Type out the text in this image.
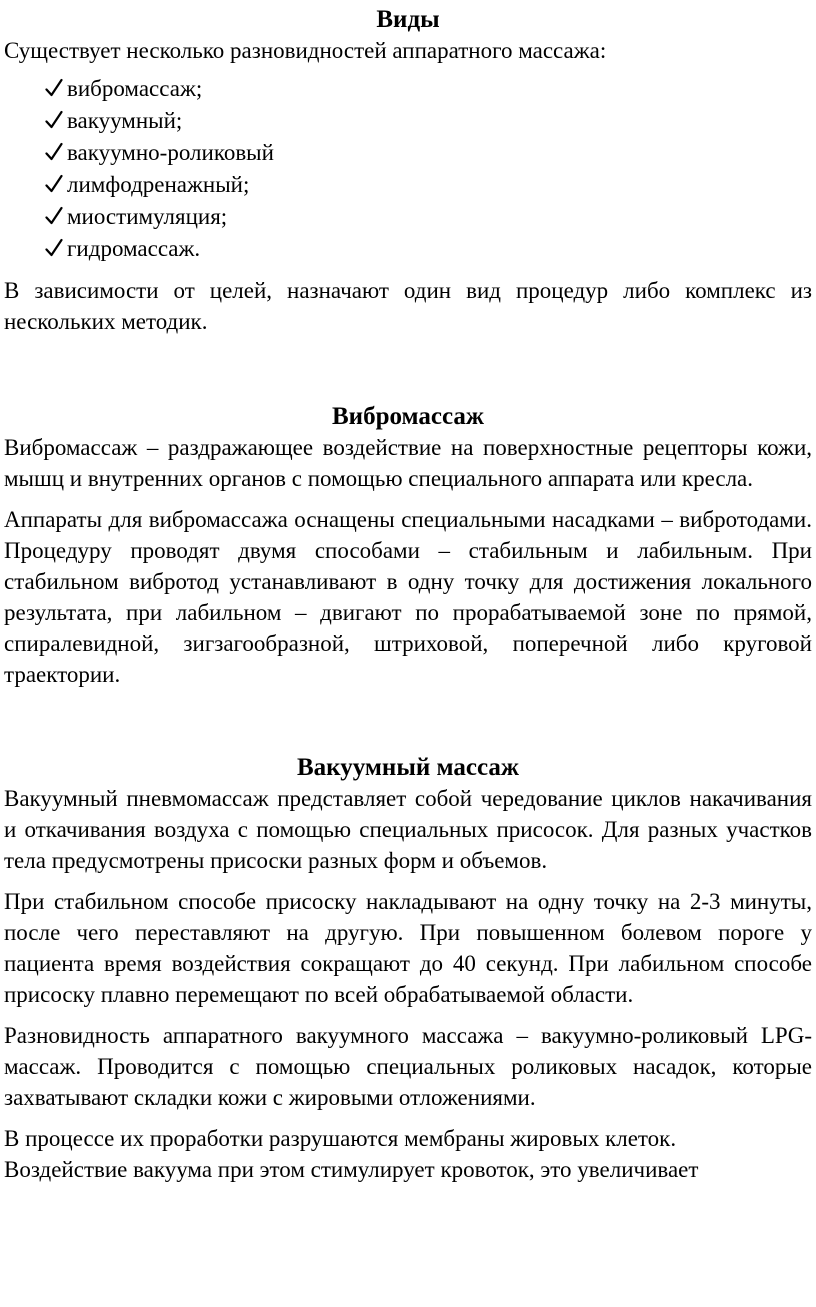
Виды

Существует несколько разновидностей аппаратного массажа:

вибромассаж;
вакуумный;
вакуумно-роликовый
лимфодренажный;
миостимуляция;
гидромассаж.

В зависимости от целей, назначают один вид процедур либо комплекс из нескольких методик.

Вибромассаж

Вибромассаж – раздражающее воздействие на поверхностные рецепторы кожи, мышц и внутренних органов с помощью специального аппарата или кресла.

Аппараты для вибромассажа оснащены специальными насадками – вибротодами. Процедуру проводят двумя способами – стабильным и лабильным. При стабильном вибротод устанавливают в одну точку для достижения локального результата, при лабильном – двигают по прорабатываемой зоне по прямой, спиралевидной, зигзагообразной, штриховой, поперечной либо круговой траектории.

Вакуумный массаж

Вакуумный пневмомассаж представляет собой чередование циклов накачивания и откачивания воздуха с помощью специальных присосок. Для разных участков тела предусмотрены присоски разных форм и объемов.

При стабильном способе присоску накладывают на одну точку на 2-3 минуты, после чего переставляют на другую. При повышенном болевом пороге у пациента время воздействия сокращают до 40 секунд. При лабильном способе присоску плавно перемещают по всей обрабатываемой области.

Разновидность аппаратного вакуумного массажа – вакуумно-роликовый LPG-массаж. Проводится с помощью специальных роликовых насадок, которые захватывают складки кожи с жировыми отложениями.

В процессе их проработки разрушаются мембраны жировых клеток.

Воздействие вакуума при этом стимулирует кровоток, это увеличивает
